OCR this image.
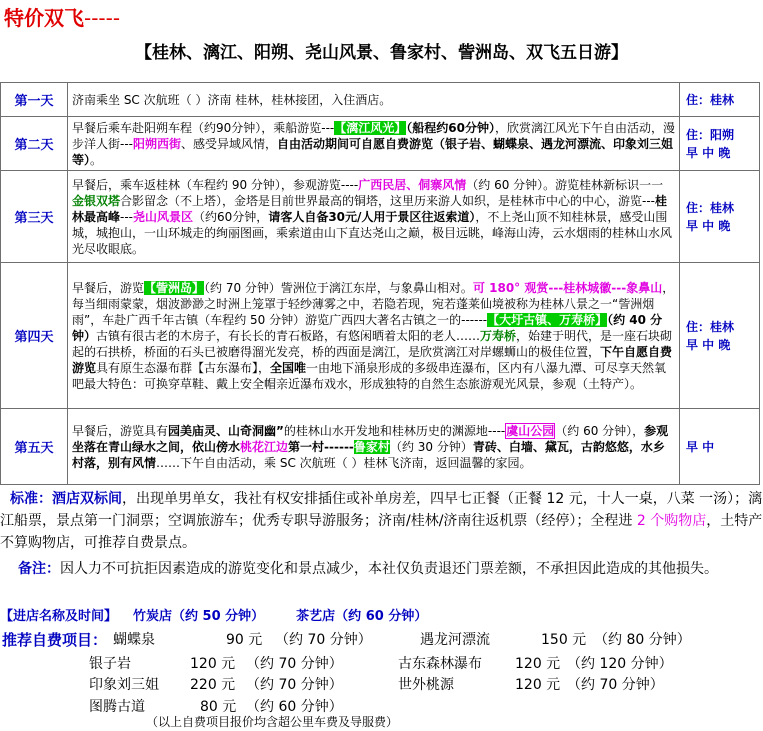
特价双飞-----
【桂林、漓江、阳朔、尧山风景、鲁家村、訾洲岛、双飞五日游】
第一天	济南乘坐 SC 次航班（ ）济南 桂林，桂林接团，入住酒店。	住：桂林

第二天	早餐后乘车赴阳朔车程（约90分钟），乘船游览---【漓江风光】（船程约60分钟），欣赏漓江风光下午自由活动，漫步洋人街---阳朔西街、感受异域风情，自由活动期间可自愿自费游览（银子岩、蝴蝶泉、遇龙河漂流、印象刘三姐等）。	住：阳朔
早 中 晚

第三天	早餐后，乘车返桂林（车程约 90 分钟），参观游览----广西民居、侗寨风情（约 60 分钟）。游览桂林新标识一一金银双塔合影留念（不上塔），金塔是目前世界最高的铜塔，这里历来游人如织，是桂林市中心的中心，游览---桂林最高峰---尧山风景区（约60分钟，请客人自备30元/人用于景区往返索道），不上尧山顶不知桂林景，感受山围城，城抱山，一山环城走的绚丽图画，乘索道由山下直达尧山之巅，极目远眺，峰海山涛，云水烟雨的桂林山水风光尽收眼底。	住：桂林
早 中 晚

第四天	早餐后，游览【訾洲岛】（约 70 分钟）訾洲位于漓江东岸，与象鼻山相对。可 180° 观赏---桂林城徽---象鼻山，每当细雨蒙蒙，烟波渺渺之时洲上笼罩于轻纱薄雾之中，若隐若现，宛若蓬莱仙境被称为桂林八景之一“訾洲烟雨”，车赴广西千年古镇（车程约 50 分钟）游览广西四大著名古镇之一的------【大圩古镇、万寿桥】（约 40 分钟）古镇有很古老的木房子，有长长的青石板路，有悠闲晒着太阳的老人……万寿桥，始建于明代，是一座石块砌起的石拱桥，桥面的石头已被磨得溜光发亮，桥的西面是漓江，是欣赏漓江对岸螺蛳山的极佳位置，下午自愿自费游览具有原生态瀑布群【古东瀑布】，全国唯一由地下涌泉形成的多级串连瀑布，区内有八瀑九潭、可尽享天然氧吧最大特色：可换穿草鞋、戴上安全帽亲近瀑布戏水，形成独特的自然生态旅游观光风景，参观（土特产）。	住：桂林
早 中 晚

第五天	早餐后，游览具有园美庙灵、山奇洞幽”的桂林山水开发地和桂林历史的渊源地----虞山公园（约 60 分钟），参观坐落在青山绿水之间，依山傍水桃花江边第一村------鲁家村（约 30 分钟）青砖、白墙、黛瓦，古韵悠悠，水乡村落，别有风情……下午自由活动，乘 SC 次航班（ ）桂林飞济南，返回温馨的家园。	早 中
标准：酒店双标间，出现单男单女，我社有权安排插住或补单房差，四早七正餐（正餐 12 元，十人一桌，八菜 一汤）；漓江船票，景点第一门洞票；空调旅游车；优秀专职导游服务；济南/桂林/济南往返机票（经停）；全程进 2 个购物店，土特产不算购物店，可推荐自费景点。
备注：因人力不可抗拒因素造成的游览变化和景点减少，本社仅负责退还门票差额，不承担因此造成的其他损失。
【进店名称及时间】 竹炭店（约 50 分钟） 茶艺店（约 60 分钟）
推荐自费项目： 蝴蝶泉	90 元 （约 70 分钟）	遇龙河漂流	150 元 （约 80 分钟）
银子岩	120 元 （约 70 分钟）	古东森林瀑布 120 元 （约 120 分钟）
印象刘三姐 220 元 （约 70 分钟）	世外桃源	120 元 （约 70 分钟）
图腾古道	80 元 （约 60 分钟）
（以上自费项目报价均含超公里车费及导服费）
